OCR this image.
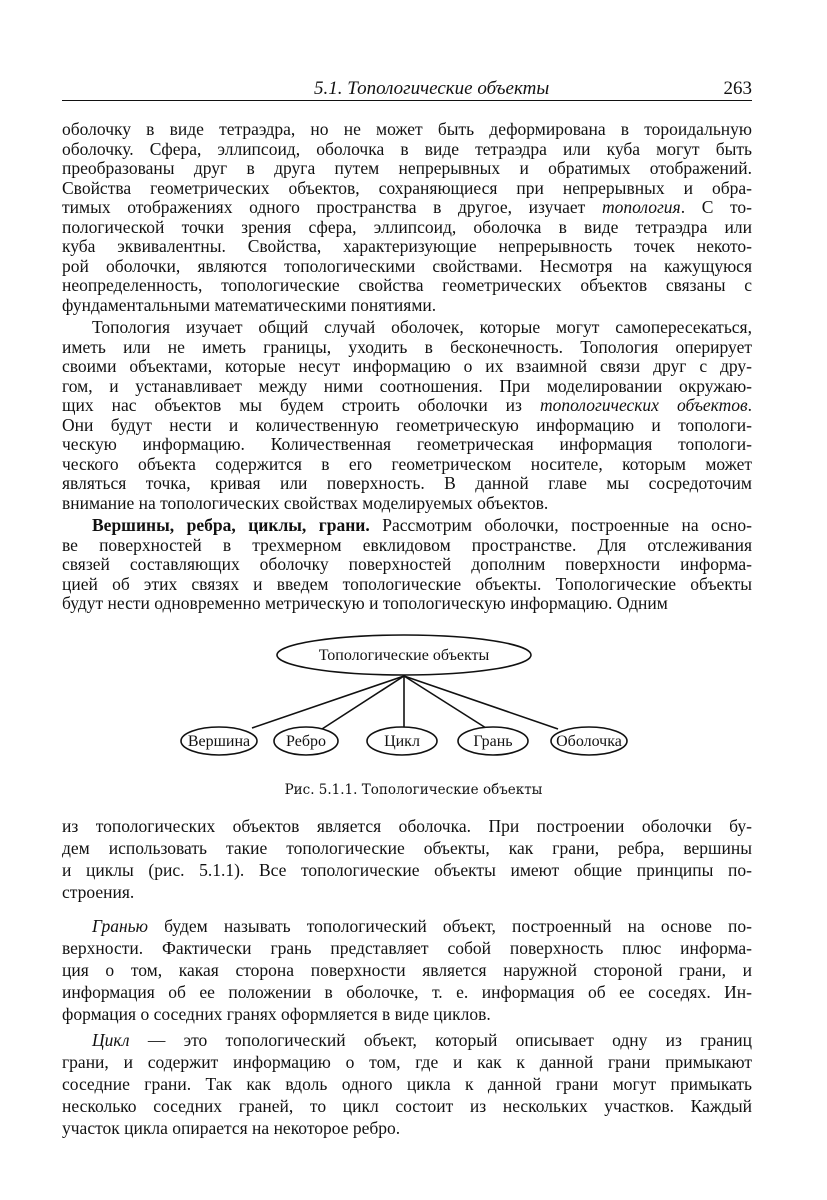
5.1. Топологические объекты	263
оболочку в виде тетраэдра, но не может быть деформирована в тороидальную
оболочку. Сфера, эллипсоид, оболочка в виде тетраэдра или куба могут быть
преобразованы друг в друга путем непрерывных и обратимых отображений.
Свойства геометрических объектов, сохраняющиеся при непрерывных и обра-
тимых отображениях одного пространства в другое, изучает топология. С то-
пологической точки зрения сфера, эллипсоид, оболочка в виде тетраэдра или
куба эквивалентны. Свойства, характеризующие непрерывность точек некото-
рой оболочки, являются топологическими свойствами. Несмотря на кажущуюся
неопределенность, топологические свойства геометрических объектов связаны с
фундаментальными математическими понятиями.
Топология изучает общий случай оболочек, которые могут самопересекаться,
иметь или не иметь границы, уходить в бесконечность. Топология оперирует
своими объектами, которые несут информацию о их взаимной связи друг с дру-
гом, и устанавливает между ними соотношения. При моделировании окружаю-
щих нас объектов мы будем строить оболочки из топологических объектов.
Они будут нести и количественную геометрическую информацию и топологи-
ческую информацию. Количественная геометрическая информация топологи-
ческого объекта содержится в его геометрическом носителе, которым может
являться точка, кривая или поверхность. В данной главе мы сосредоточим
внимание на топологических свойствах моделируемых объектов.
Вершины, ребра, циклы, грани. Рассмотрим оболочки, построенные на осно-
ве поверхностей в трехмерном евклидовом пространстве. Для отслеживания
связей составляющих оболочку поверхностей дополним поверхности информа-
цией об этих связях и введем топологические объекты. Топологические объекты
будут нести одновременно метрическую и топологическую информацию. Одним
из топологических объектов является оболочка. При построении оболочки бу-
дем использовать такие топологические объекты, как грани, ребра, вершины
и циклы (рис. 5.1.1). Все топологические объекты имеют общие принципы по-
строения.
Гранью будем называть топологический объект, построенный на основе по-
верхности. Фактически грань представляет собой поверхность плюс информа-
ция о том, какая сторона поверхности является наружной стороной грани, и
информация об ее положении в оболочке, т. е. информация об ее соседях. Ин-
формация о соседних гранях оформляется в виде циклов.
Цикл — это топологический объект, который описывает одну из границ
грани, и содержит информацию о том, где и как к данной грани примыкают
соседние грани. Так как вдоль одного цикла к данной грани могут примыкать
несколько соседних граней, то цикл состоит из нескольких участков. Каждый
участок цикла опирается на некоторое ребро.
Топологические объекты
Вершина Ребро	Цикл	Грань	Оболочка
Рис. 5.1.1. Топологические объекты
